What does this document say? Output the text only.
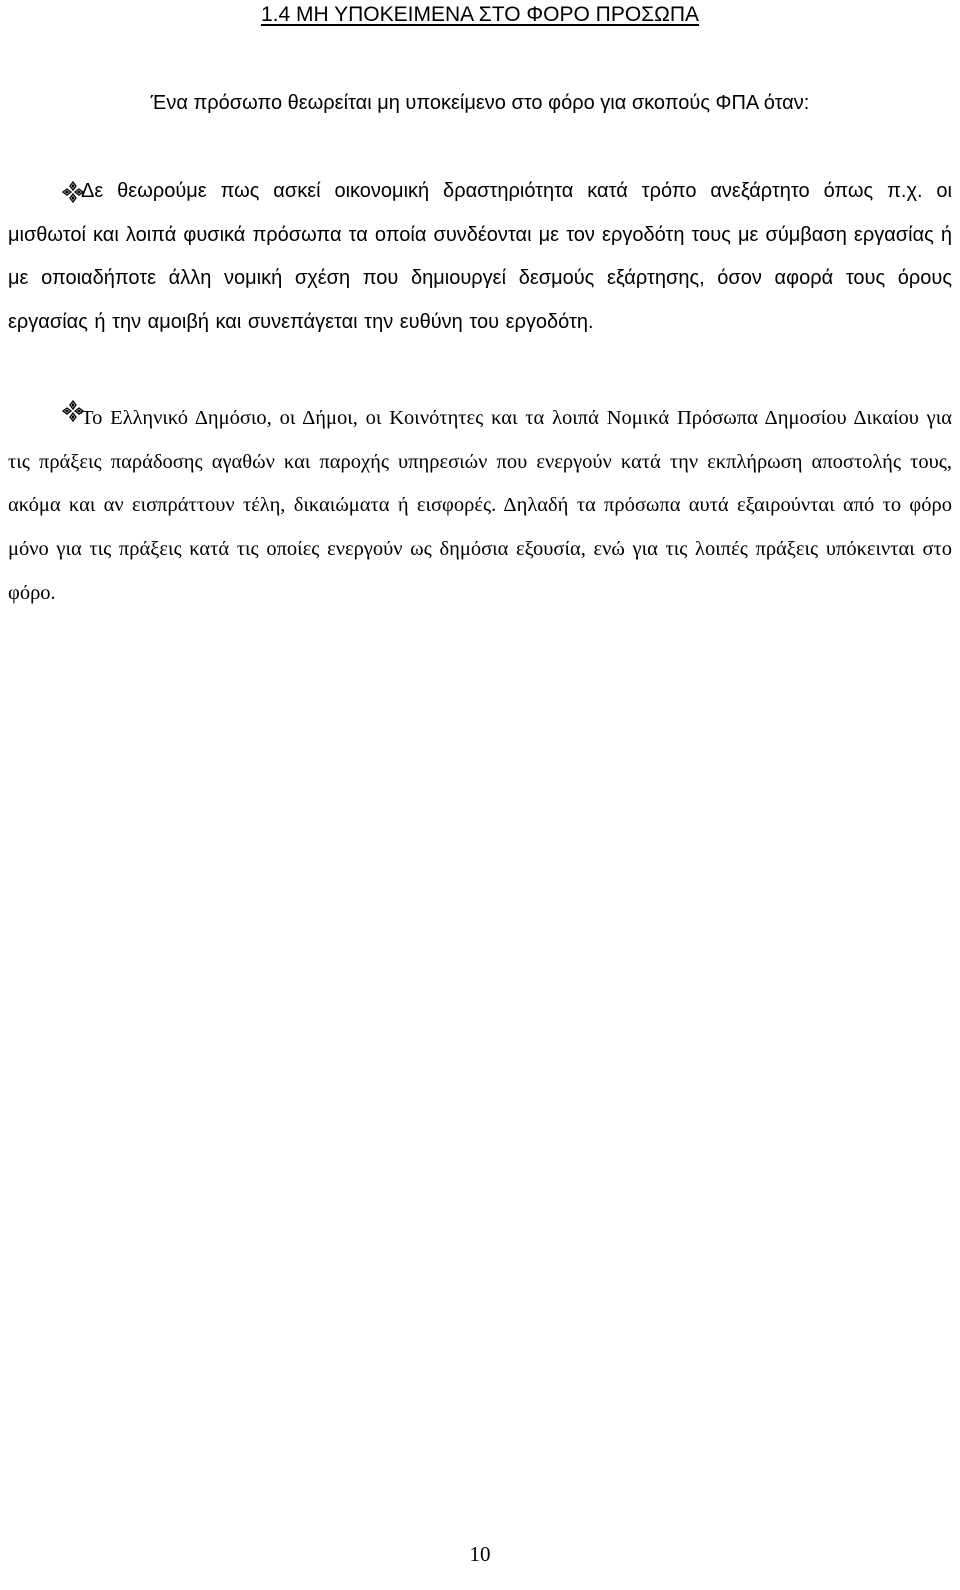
1.4 ΜΗ ΥΠΟΚΕΙΜΕΝΑ ΣΤΟ ΦΟΡΟ ΠΡΟΣΩΠΑ
Ένα πρόσωπο θεωρείται μη υποκείμενο στο φόρο για σκοπούς ΦΠΑ όταν:

Δε θεωρούμε πως ασκεί οικονομική δραστηριότητα κατά τρόπο ανεξάρτητο όπως π.χ. οι μισθωτοί και λοιπά φυσικά πρόσωπα τα οποία συνδέονται με τον εργοδότη τους με σύμβαση εργασίας ή με οποιαδήποτε άλλη νομική σχέση που δημιουργεί δεσμούς εξάρτησης, όσον αφορά τους όρους εργασίας ή την αμοιβή και συνεπάγεται την ευθύνη του εργοδότη.

Το Ελληνικό Δημόσιο, οι Δήμοι, οι Κοινότητες και τα λοιπά Νομικά Πρόσωπα Δημοσίου Δικαίου για τις πράξεις παράδοσης αγαθών και παροχής υπηρεσιών που ενεργούν κατά την εκπλήρωση αποστολής τους, ακόμα και αν εισπράττουν τέλη, δικαιώματα ή εισφορές. Δηλαδή τα πρόσωπα αυτά εξαιρούνται από το φόρο μόνο για τις πράξεις κατά τις οποίες ενεργούν ως δημόσια εξουσία, ενώ για τις λοιπές πράξεις υπόκεινται στο φόρο.

10
